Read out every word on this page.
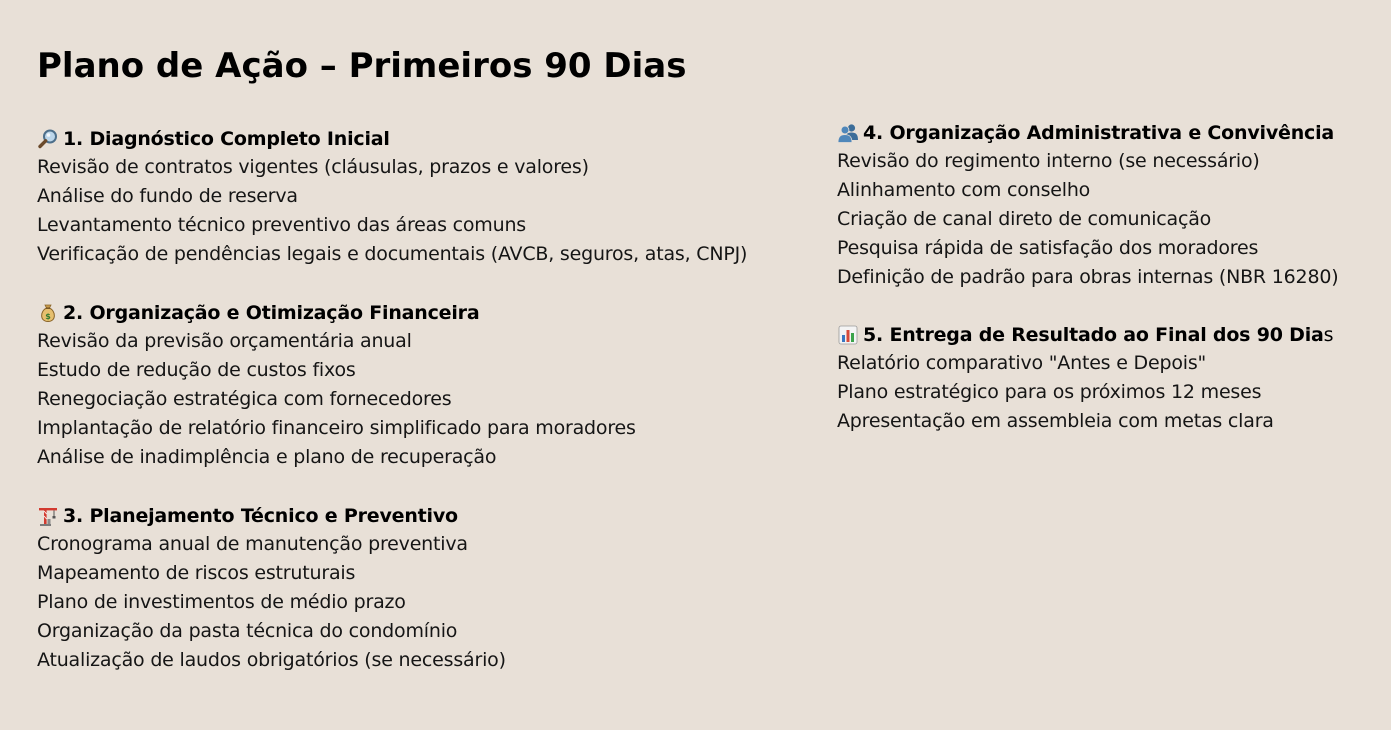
Plano de Ação – Primeiros 90 Dias
1. Diagnóstico Completo Inicial
Revisão de contratos vigentes (cláusulas, prazos e valores)
Análise do fundo de reserva
Levantamento técnico preventivo das áreas comuns
Verificação de pendências legais e documentais (AVCB, seguros, atas, CNPJ)
$ 2. Organização e Otimização Financeira
Revisão da previsão orçamentária anual
Estudo de redução de custos fixos
Renegociação estratégica com fornecedores
Implantação de relatório financeiro simplificado para moradores
Análise de inadimplência e plano de recuperação
3. Planejamento Técnico e Preventivo
Cronograma anual de manutenção preventiva
Mapeamento de riscos estruturais
Plano de investimentos de médio prazo
Organização da pasta técnica do condomínio
Atualização de laudos obrigatórios (se necessário)
4. Organização Administrativa e Convivência
Revisão do regimento interno (se necessário)
Alinhamento com conselho
Criação de canal direto de comunicação
Pesquisa rápida de satisfação dos moradores
Definição de padrão para obras internas (NBR 16280)
5. Entrega de Resultado ao Final dos 90 Dia s
Relatório comparativo "Antes e Depois"
Plano estratégico para os próximos 12 meses
Apresentação em assembleia com metas clara
